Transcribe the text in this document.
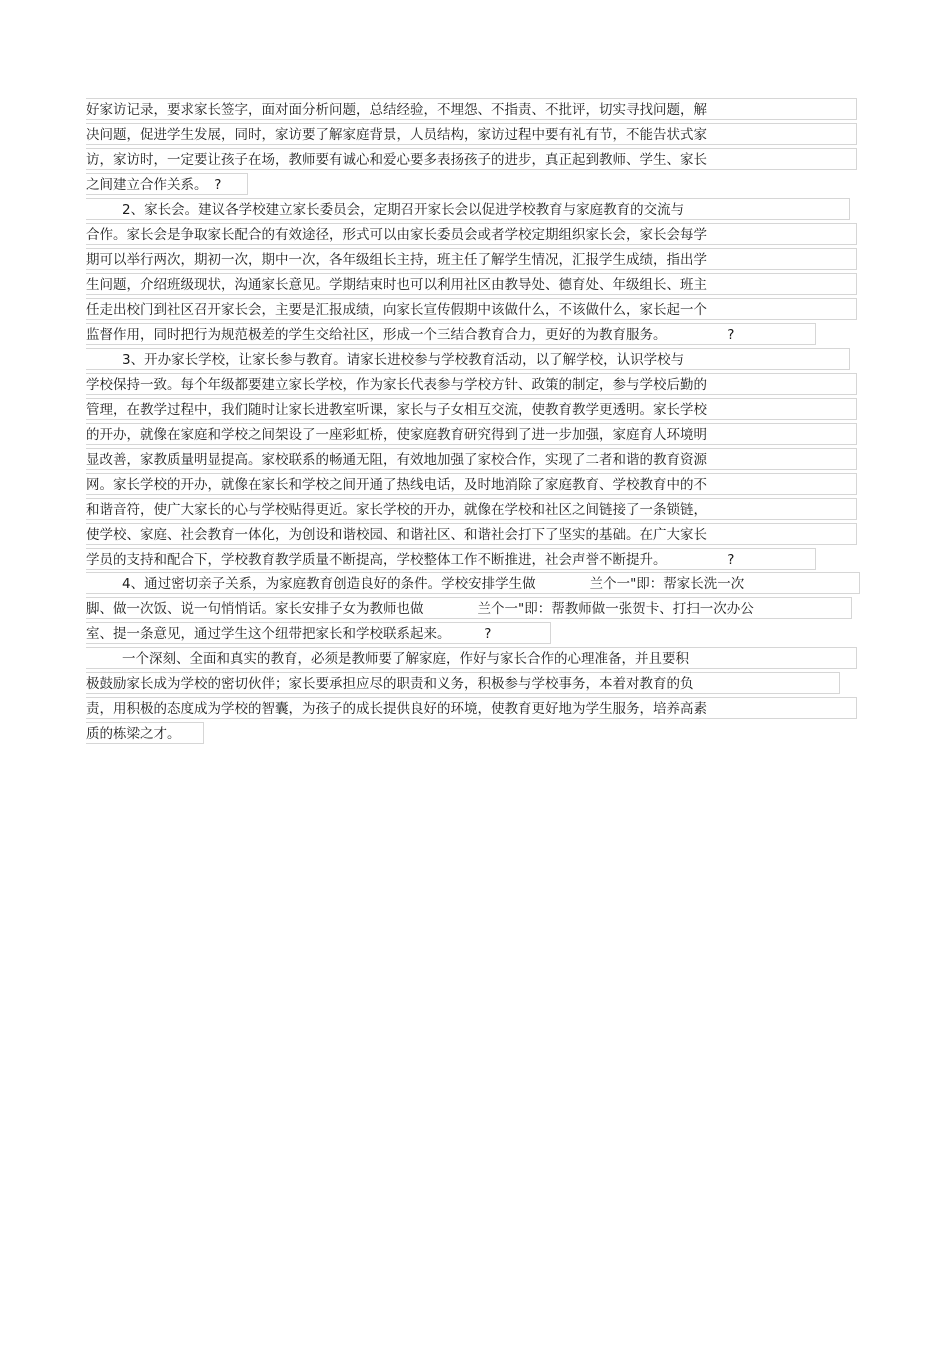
好家访记录，要求家长签字，面对面分析问题，总结经验，不埋怨、不指责、不批评，切实寻找问题，解
决问题，促进学生发展，同时，家访要了解家庭背景，人员结构，家访过程中要有礼有节，不能告状式家
访，家访时，一定要让孩子在场，教师要有诚心和爱心要多表扬孩子的进步，真正起到教师、学生、家长
之间建立合作关系。　?
2、家长会。建议各学校建立家长委员会，定期召开家长会以促进学校教育与家庭教育的交流与
合作。家长会是争取家长配合的有效途径，形式可以由家长委员会或者学校定期组织家长会，家长会每学
期可以举行两次，期初一次，期中一次，各年级组长主持，班主任了解学生情况，汇报学生成绩，指出学
生问题，介绍班级现状，沟通家长意见。学期结束时也可以利用社区由教导处、德育处、年级组长、班主
任走出校门到社区召开家长会，主要是汇报成绩，向家长宣传假期中该做什么，不该做什么，家长起一个
监督作用，同时把行为规范极差的学生交给社区，形成一个三结合教育合力，更好的为教育服务。　　　　　?
3、开办家长学校，让家长参与教育。请家长进校参与学校教育活动，以了解学校，认识学校与
学校保持一致。每个年级都要建立家长学校，作为家长代表参与学校方针、政策的制定，参与学校后勤的
管理，在教学过程中，我们随时让家长进教室听课，家长与子女相互交流，使教育教学更透明。家长学校
的开办，就像在家庭和学校之间架设了一座彩虹桥，使家庭教育研究得到了进一步加强，家庭育人环境明
显改善，家教质量明显提高。家校联系的畅通无阻，有效地加强了家校合作，实现了二者和谐的教育资源
网。家长学校的开办，就像在家长和学校之间开通了热线电话，及时地消除了家庭教育、学校教育中的不
和谐音符，使广大家长的心与学校贴得更近。家长学校的开办，就像在学校和社区之间链接了一条锁链，
使学校、家庭、社会教育一体化，为创设和谐校园、和谐社区、和谐社会打下了坚实的基础。在广大家长
学员的支持和配合下，学校教育教学质量不断提高，学校整体工作不断推进，社会声誉不断提升。　　　　　?
4、通过密切亲子关系，为家庭教育创造良好的条件。学校安排学生做　　　　兰个一"即：帮家长洗一次
脚、做一次饭、说一句悄悄话。家长安排子女为教师也做　　　　兰个一"即：帮教师做一张贺卡、打扫一次办公
室、提一条意见，通过学生这个纽带把家长和学校联系起来。　　　?
一个深刻、全面和真实的教育，必须是教师要了解家庭，作好与家长合作的心理准备，并且要积
极鼓励家长成为学校的密切伙伴；家长要承担应尽的职责和义务，积极参与学校事务，本着对教育的负
责，用积极的态度成为学校的智囊，为孩子的成长提供良好的环境，使教育更好地为学生服务，培养高素
质的栋梁之才。
